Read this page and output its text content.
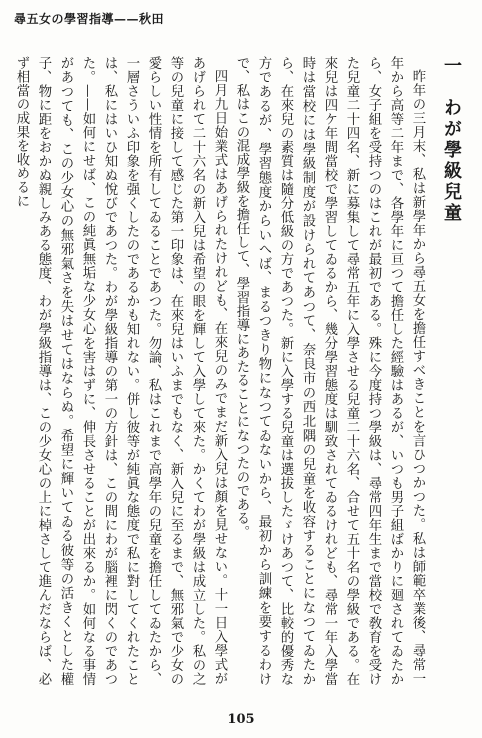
尋五女の學習指導——秋田
一　わが學級兒童

昨年の三月末、私は新學年から尋五女を擔任すべきことを言ひつかつた。私は師範卒業後、尋常一年から高等二年まで、各學年に亘つて擔任した經驗はあるが、いつも男子組ばかりに廻されてゐたから、女子組を受持つのはこれが最初である。殊に今度持つ學級は、尋常四年生まで當校で敎育を受けた兒童二十四名、新に募集して尋常五年に入學させる兒童二十六名、合せて五十名の學級である。在來兒は四ケ年間當校で學習してゐるから、幾分學習態度は馴致されてゐるけれども、尋常一年入學當時は當校には學級制度が設けられてあつて、奈良市の西北隅の兒童を收容することになつてゐたから、在來兒の素質は隨分低級の方であつた。新に入學する兒童は選拔したゞけあつて、比較的優秀な方であるが、學習態度からいへば、まるつきり物になつてゐないから、最初から訓練を要するわけで、私はこの混成學級を擔任して、學習指導にあたることになつたのである。

四月九日始業式はあげられたけれども、在來兒のみでまだ新入兒は顏を見せない。十一日入學式があげられて二十六名の新入兒は希望の眼を輝して入學して來た。かくてわが學級は成立した。私の之等の兒童に接して感じた第一印象は、在來兒はいふまでもなく、新入兒に至るまで、無邪氣で少女の愛らしい性情を所有してゐることであつた。勿論、私はこれまで高學年の兒童を擔任してゐたから、一層さういふ印象を强くしたのであるかも知れない。併し彼等が純眞な態度で私に對してくれたことは、私にはいひ知ぬ悅びであつた。わが學級指導の第一の方針は、この間にわが腦裡に閃くのであつた。——如何にせば、この純眞無垢な少女心を害はずに、伸長させることが出來るか。如何なる事情があつても、この少女心の無邪氣さを失はせてはならぬ。希望に輝いてゐる彼等の活きくとした權子、物に距をおかぬ親しみある態度、わが學級指導は、この少女心の上に棹さして進んだならば、必ず相當の成果を收めるに

105
